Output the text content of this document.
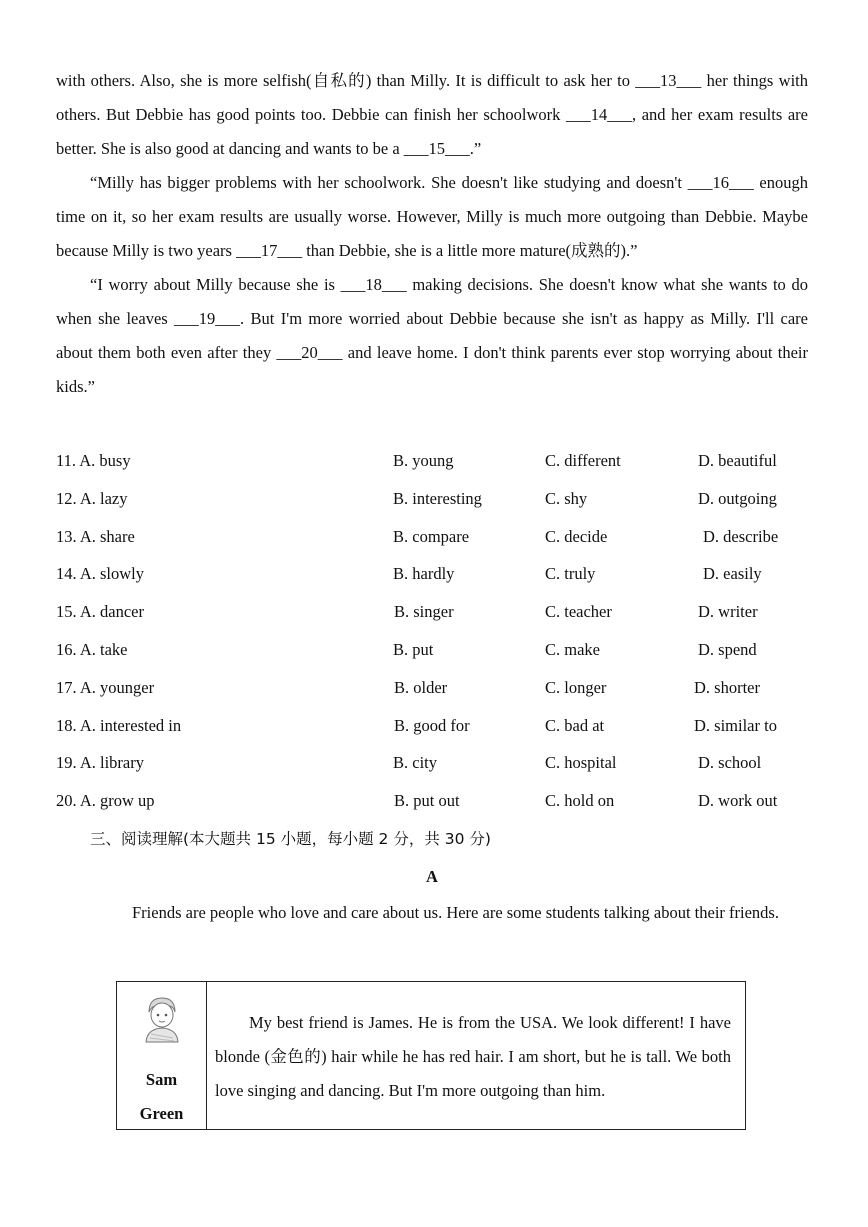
with others. Also, she is more selfish(自私的) than Milly. It is difficult to ask her to ___13___ her things with others. But Debbie has good points too. Debbie can finish her schoolwork ___14___, and her exam results are better. She is also good at dancing and wants to be a ___15___.”

“Milly has bigger problems with her schoolwork. She doesn't like studying and doesn't ___16___ enough time on it, so her exam results are usually worse. However, Milly is much more outgoing than Debbie. Maybe because Milly is two years ___17___ than Debbie, she is a little more mature(成熟的).”

“I worry about Milly because she is ___18___ making decisions. She doesn't know what she wants to do when she leaves ___19___. But I'm more worried about Debbie because she isn't as happy as Milly. I'll care about them both even after they ___20___ and leave home. I don't think parents ever stop worrying about their kids.”

11. A. busy	B. young	C. different	D. beautiful
12. A. lazy	B. interesting	C. shy	D. outgoing
13. A. share	B. compare	C. decide	D. describe
14. A. slowly	B. hardly	C. truly	D. easily
15. A. dancer	B. singer	C. teacher	D. writer
16. A. take	B. put	C. make	D. spend
17. A. younger	B. older	C. longer	D. shorter
18. A. interested in	B. good for	C. bad at	D. similar to
19. A. library	B. city	C. hospital	D. school
20. A. grow up	B. put out	C. hold on	D. work out
三、阅读理解(本大题共 15 小题，每小题 2 分，共 30 分)
A

Friends are people who love and care about us. Here are some students talking about their friends.

Sam
Green

My best friend is James. He is from the USA. We look different! I have blonde (金色的) hair while he has red hair. I am short, but he is tall. We both love singing and dancing. But I'm more outgoing than him.
